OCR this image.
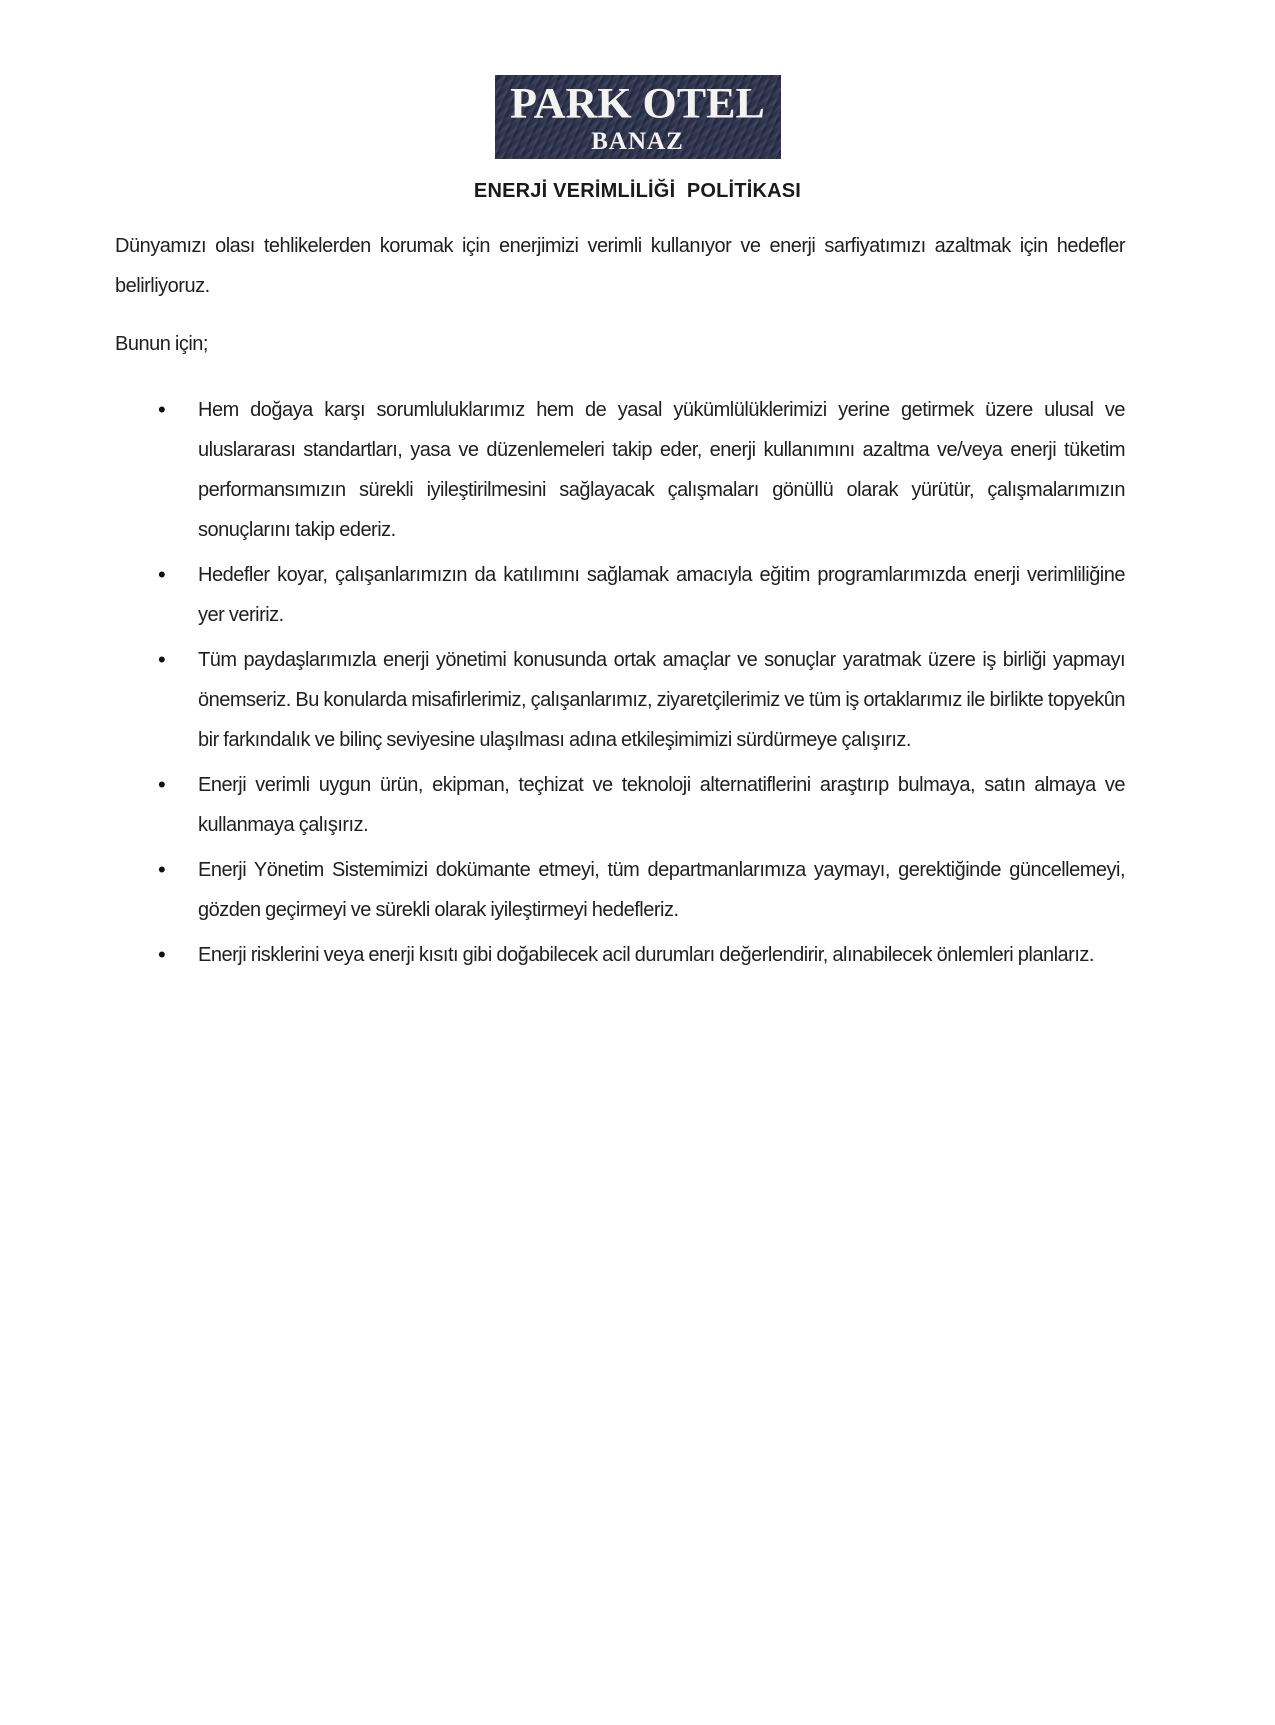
PARK OTEL
BANAZ
ENERJİ VERİMLİLİĞİ  POLİTİKASI

Dünyamızı olası tehlikelerden korumak için enerjimizi verimli kullanıyor ve enerji sarfiyatımızı azaltmak için hedefler belirliyoruz.

Bunun için;

• Hem doğaya karşı sorumluluklarımız hem de yasal yükümlülüklerimizi yerine getirmek üzere ulusal ve uluslararası standartları, yasa ve düzenlemeleri takip eder, enerji kullanımını azaltma ve/veya enerji tüketim performansımızın sürekli iyileştirilmesini sağlayacak çalışmaları gönüllü olarak yürütür, çalışmalarımızın sonuçlarını takip ederiz.
• Hedefler koyar, çalışanlarımızın da katılımını sağlamak amacıyla eğitim programlarımızda enerji verimliliğine yer veririz.
• Tüm paydaşlarımızla enerji yönetimi konusunda ortak amaçlar ve sonuçlar yaratmak üzere iş birliği yapmayı önemseriz. Bu konularda misafirlerimiz, çalışanlarımız, ziyaretçilerimiz ve tüm iş ortaklarımız ile birlikte topyekûn bir farkındalık ve bilinç seviyesine ulaşılması adına etkileşimimizi sürdürmeye çalışırız.
• Enerji verimli uygun ürün, ekipman, teçhizat ve teknoloji alternatiflerini araştırıp bulmaya, satın almaya ve kullanmaya çalışırız.
• Enerji Yönetim Sistemimizi dokümante etmeyi, tüm departmanlarımıza yaymayı, gerektiğinde güncellemeyi, gözden geçirmeyi ve sürekli olarak iyileştirmeyi hedefleriz.
• Enerji risklerini veya enerji kısıtı gibi doğabilecek acil durumları değerlendirir, alınabilecek önlemleri planlarız.
